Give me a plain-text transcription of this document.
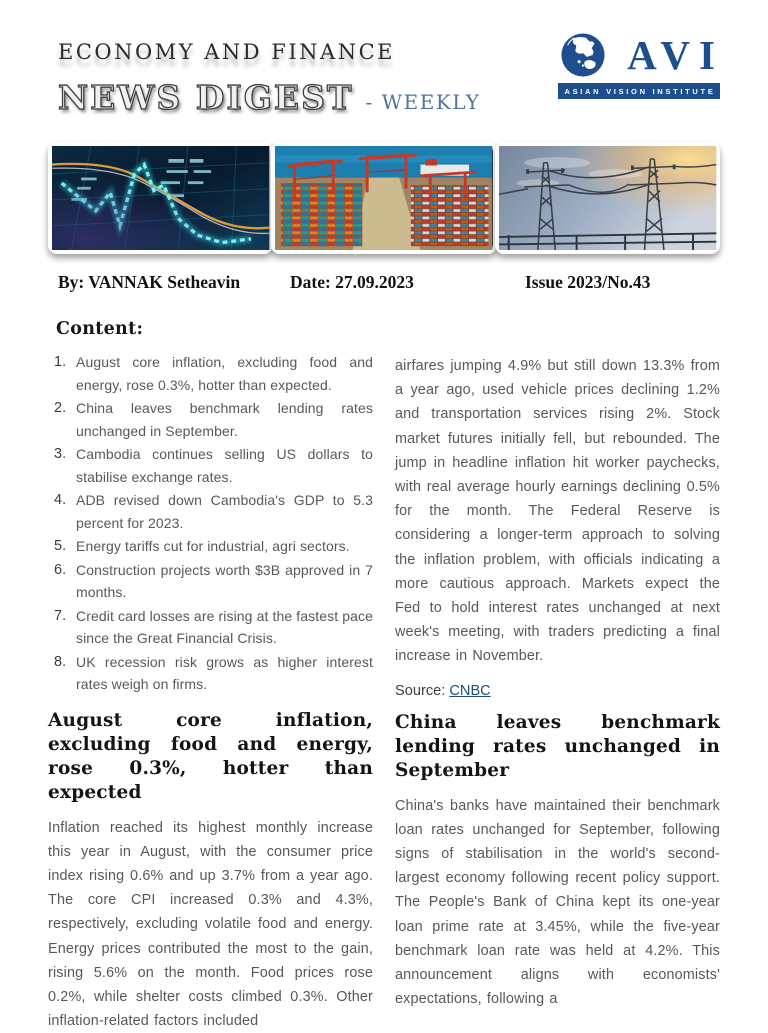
ECONOMY AND FINANCE
NEWS DIGEST - WEEKLY
AVI
ASIAN VISION INSTITUTE
By: VANNAK Setheavin	Date: 27.09.2023	Issue 2023/No.43
Content:
1. August core inflation, excluding food and energy, rose 0.3%, hotter than expected.
2. China leaves benchmark lending rates unchanged in September.
3. Cambodia continues selling US dollars to stabilise exchange rates.
4. ADB revised down Cambodia's GDP to 5.3 percent for 2023.
5. Energy tariffs cut for industrial, agri sectors.
6. Construction projects worth $3B approved in 7 months.
7. Credit card losses are rising at the fastest pace since the Great Financial Crisis.
8. UK recession risk grows as higher interest rates weigh on firms.
August core inflation, excluding food and energy, rose 0.3%, hotter than expected

Inflation reached its highest monthly increase this year in August, with the consumer price index rising 0.6% and up 3.7% from a year ago. The core CPI increased 0.3% and 4.3%, respectively, excluding volatile food and energy. Energy prices contributed the most to the gain, rising 5.6% on the month. Food prices rose 0.2%, while shelter costs climbed 0.3%. Other inflation-related factors included

airfares jumping 4.9% but still down 13.3% from a year ago, used vehicle prices declining 1.2% and transportation services rising 2%. Stock market futures initially fell, but rebounded. The jump in headline inflation hit worker paychecks, with real average hourly earnings declining 0.5% for the month. The Federal Reserve is considering a longer-term approach to solving the inflation problem, with officials indicating a more cautious approach. Markets expect the Fed to hold interest rates unchanged at next week's meeting, with traders predicting a final increase in November.

Source: CNBC
China leaves benchmark lending rates unchanged in September

China's banks have maintained their benchmark loan rates unchanged for September, following signs of stabilisation in the world's second-largest economy following recent policy support. The People's Bank of China kept its one-year loan prime rate at 3.45%, while the five-year benchmark loan rate was held at 4.2%. This announcement aligns with economists' expectations, following a
